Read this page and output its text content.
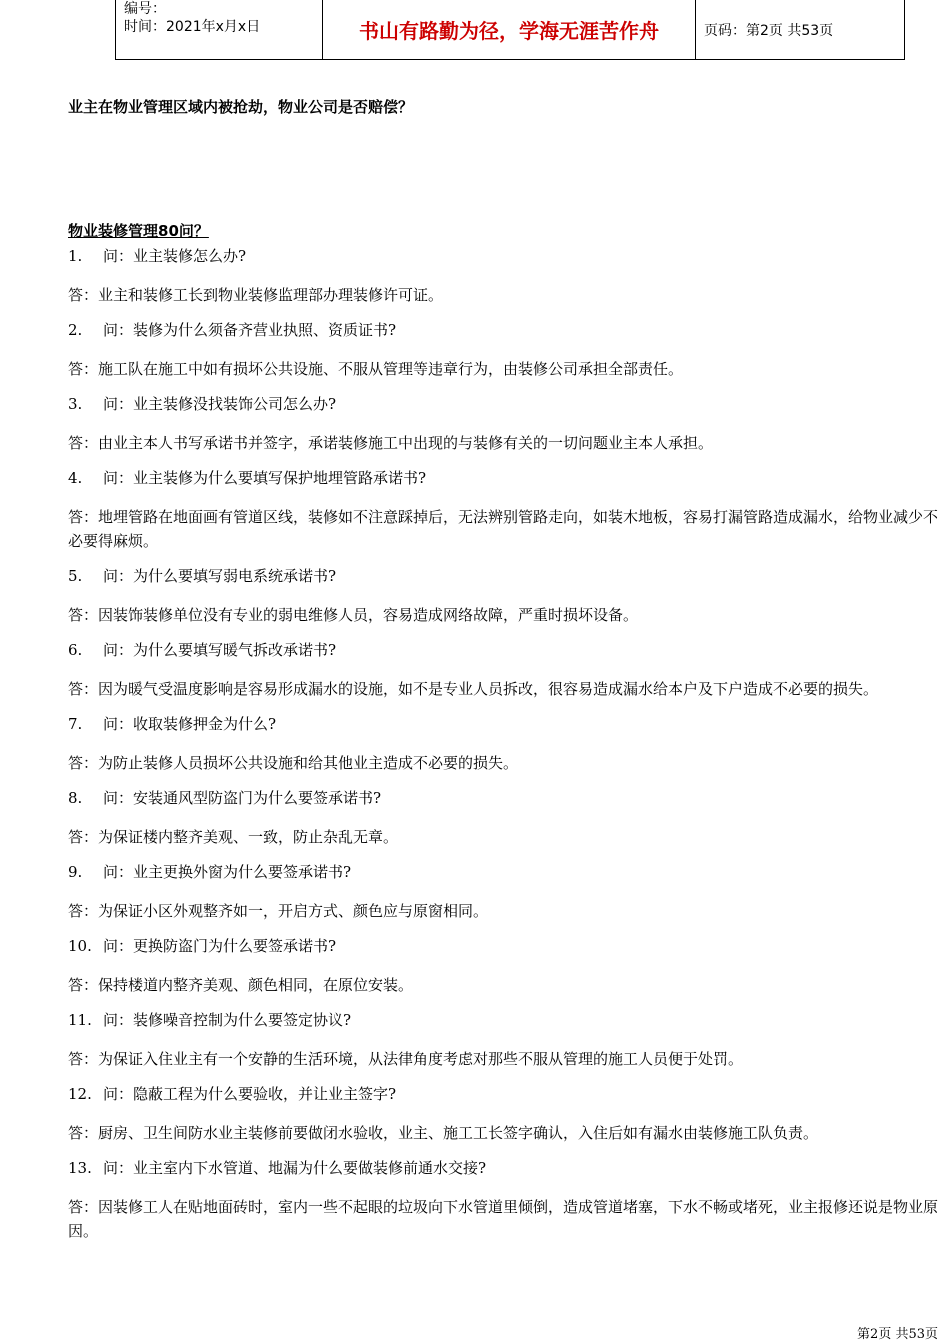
编号：
时间：2021年x月x日	书山有路勤为径，学海无涯苦作舟	页码：第2页 共53页

业主在物业管理区域内被抢劫，物业公司是否赔偿？

物业装修管理80问？

1. 问：业主装修怎么办?
答：业主和装修工长到物业装修监理部办理装修许可证。
2. 问：装修为什么须备齐营业执照、资质证书?
答：施工队在施工中如有损坏公共设施、不服从管理等违章行为，由装修公司承担全部责任。
3. 问：业主装修没找装饰公司怎么办?
答：由业主本人书写承诺书并签字，承诺装修施工中出现的与装修有关的一切问题业主本人承担。
4. 问：业主装修为什么要填写保护地埋管路承诺书?
答：地埋管路在地面画有管道区线，装修如不注意踩掉后，无法辨别管路走向，如装木地板，容易打漏管路造成漏水，给物业减少不必要得麻烦。
5. 问：为什么要填写弱电系统承诺书?
答：因装饰装修单位没有专业的弱电维修人员，容易造成网络故障，严重时损坏设备。
6. 问：为什么要填写暖气拆改承诺书?
答：因为暖气受温度影响是容易形成漏水的设施，如不是专业人员拆改，很容易造成漏水给本户及下户造成不必要的损失。
7. 问：收取装修押金为什么?
答：为防止装修人员损坏公共设施和给其他业主造成不必要的损失。
8. 问：安装通风型防盗门为什么要签承诺书?
答：为保证楼内整齐美观、一致，防止杂乱无章。
9. 问：业主更换外窗为什么要签承诺书?
答：为保证小区外观整齐如一，开启方式、颜色应与原窗相同。
10. 问：更换防盗门为什么要签承诺书?
答：保持楼道内整齐美观、颜色相同，在原位安装。
11. 问：装修噪音控制为什么要签定协议?
答：为保证入住业主有一个安静的生活环境，从法律角度考虑对那些不服从管理的施工人员便于处罚。
12. 问：隐蔽工程为什么要验收，并让业主签字?
答：厨房、卫生间防水业主装修前要做闭水验收，业主、施工工长签字确认，入住后如有漏水由装修施工队负责。
13. 问：业主室内下水管道、地漏为什么要做装修前通水交接?
答：因装修工人在贴地面砖时，室内一些不起眼的垃圾向下水管道里倾倒，造成管道堵塞，下水不畅或堵死，业主报修还说是物业原因。
第2页 共53页
